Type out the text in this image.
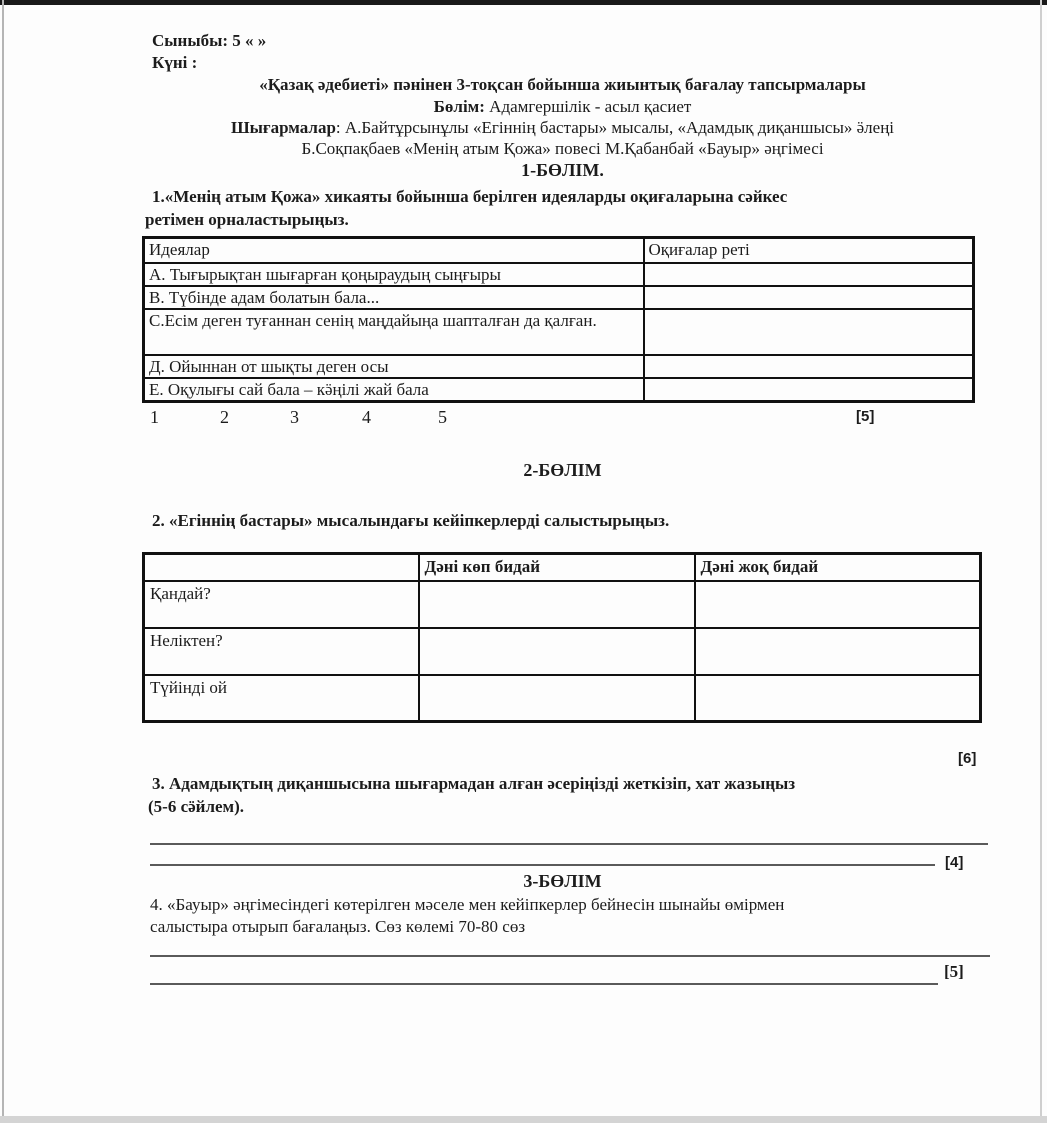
Сыныбы: 5 « »
Күні :
«Қазақ әдебиеті» пәнінен 3-тоқсан бойынша жиынтық бағалау тапсырмалары
Бөлім: Адамгершілік - асыл қасиет
Шығармалар: А.Байтұрсынұлы «Егіннің бастары» мысалы, «Адамдық диқаншысы» ӛлеңі
Б.Соқпақбаев «Менің атым Қожа» повесі М.Қабанбай «Бауыр» әңгімесі
1-БӨЛІМ.
1.«Менің атым Қожа» хикаяты бойынша берілген идеяларды оқиғаларына сәйкес
ретімен орналастырыңыз.
Идеялар	Оқиғалар реті
А. Тығырықтан шығарған қоңыраудың сыңғыры	
В. Түбінде адам болатын бала...	
С.Есім деген туғаннан сенің маңдайыңа шапталған да қалған.	
Д. Ойыннан от шықты деген осы	
Е. Оқулығы сай бала – кӛңілі жай бала	
1	2	3	4	5	[5]
2-БӨЛІМ
2. «Егіннің бастары» мысалындағы кейіпкерлерді салыстырыңыз.
	Дәні көп бидай	Дәні жоқ бидай
Қандай?		
Неліктен?		
Түйінді ой		
[6]
3. Адамдықтың диқаншысына шығармадан алған әсеріңізді жеткізіп, хат жазыңыз
(5-6 сӛйлем).
[4]
3-БӨЛІМ
4. «Бауыр» әңгімесіндегі көтерілген мәселе мен кейіпкерлер бейнесін шынайы өмірмен
салыстыра отырып бағалаңыз. Сөз көлемі 70-80 сөз
[5]
